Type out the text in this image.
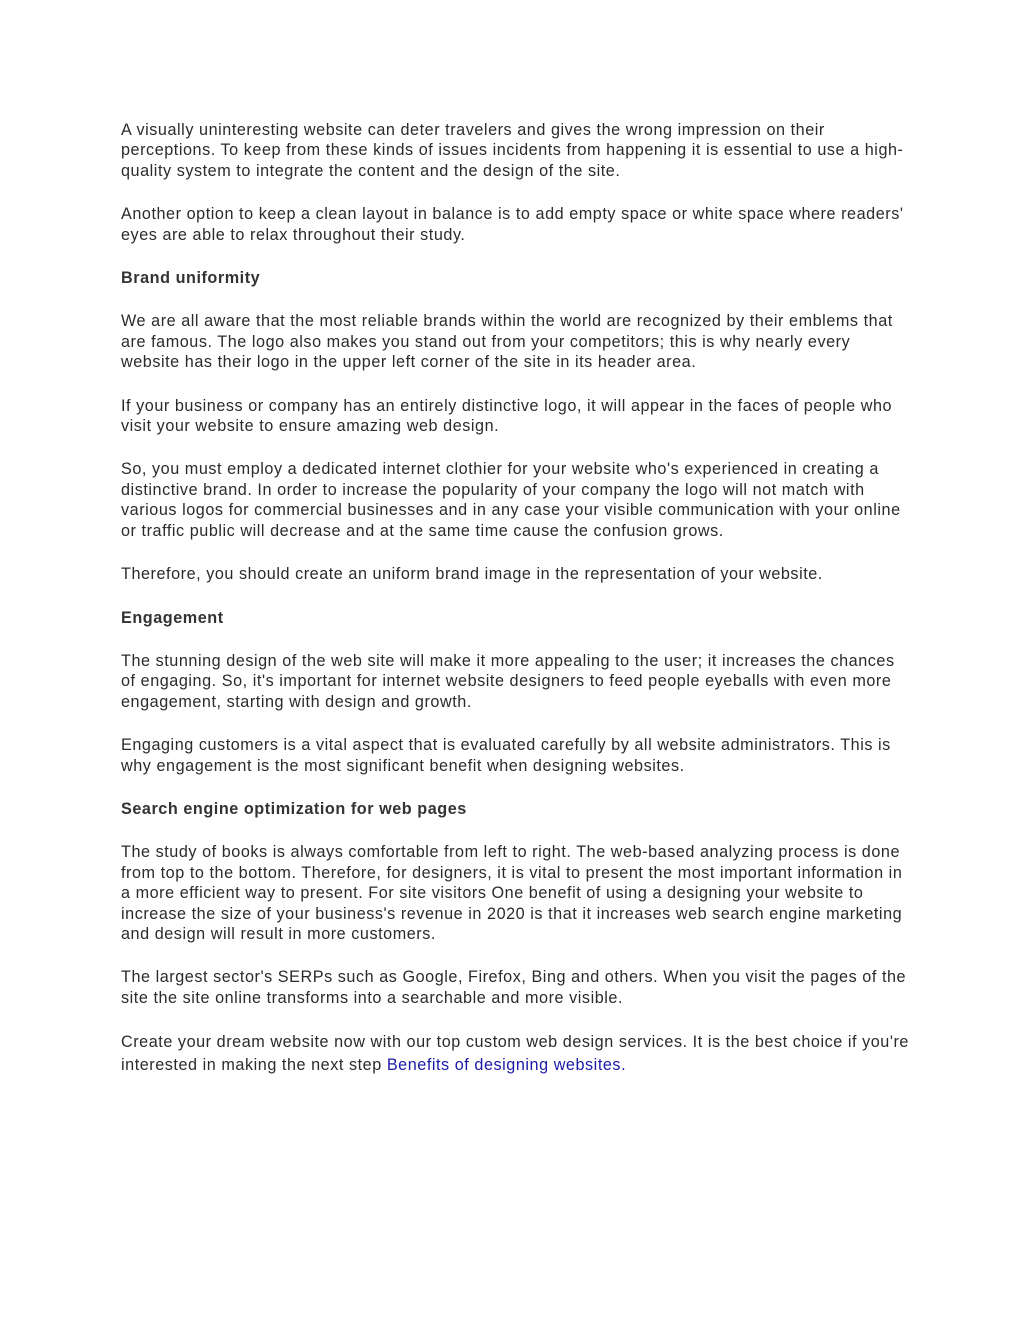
A visually uninteresting website can deter travelers and gives the wrong impression on their perceptions. To keep from these kinds of issues incidents from happening it is essential to use a high-quality system to integrate the content and the design of the site.

Another option to keep a clean layout in balance is to add empty space or white space where readers' eyes are able to relax throughout their study.

Brand uniformity

We are all aware that the most reliable brands within the world are recognized by their emblems that are famous. The logo also makes you stand out from your competitors; this is why nearly every website has their logo in the upper left corner of the site in its header area.

If your business or company has an entirely distinctive logo, it will appear in the faces of people who visit your website to ensure amazing web design.

So, you must employ a dedicated internet clothier for your website who's experienced in creating a distinctive brand. In order to increase the popularity of your company the logo will not match with various logos for commercial businesses and in any case your visible communication with your online or traffic public will decrease and at the same time cause the confusion grows.

Therefore, you should create an uniform brand image in the representation of your website.

Engagement

The stunning design of the web site will make it more appealing to the user; it increases the chances of engaging. So, it's important for internet website designers to feed people eyeballs with even more engagement, starting with design and growth.

Engaging customers is a vital aspect that is evaluated carefully by all website administrators. This is why engagement is the most significant benefit when designing websites.

Search engine optimization for web pages

The study of books is always comfortable from left to right. The web-based analyzing process is done from top to the bottom. Therefore, for designers, it is vital to present the most important information in a more efficient way to present. For site visitors One benefit of using a designing your website to increase the size of your business's revenue in 2020 is that it increases web search engine marketing and design will result in more customers.

The largest sector's SERPs such as Google, Firefox, Bing and others. When you visit the pages of the site the site online transforms into a searchable and more visible.

Create your dream website now with our top custom web design services. It is the best choice if you're interested in making the next step Benefits of designing websites.
